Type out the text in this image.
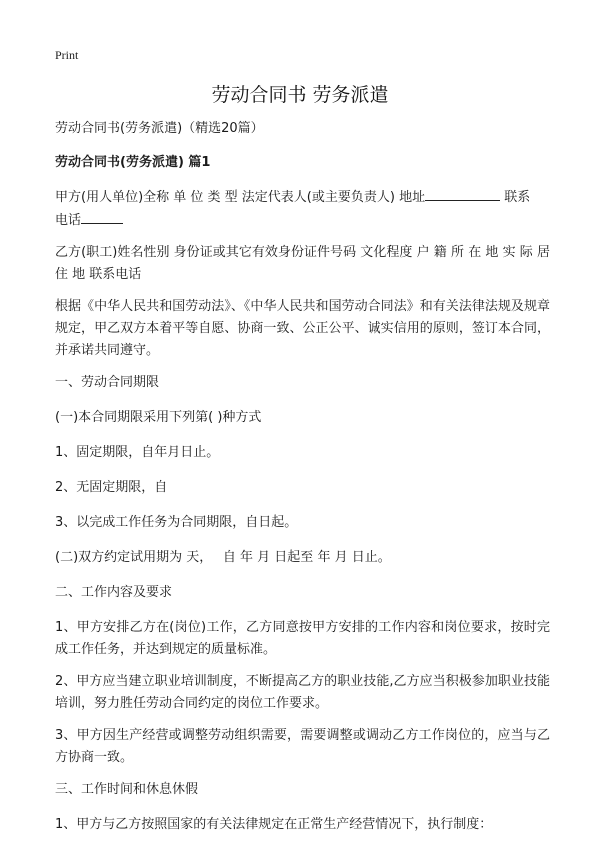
Print
劳动合同书 劳务派遣

劳动合同书(劳务派遣)（精选20篇）

劳动合同书(劳务派遣) 篇1

甲方(用人单位)全称 单 位 类 型 法定代表人(或主要负责人) 地址	联系
电话

乙方(职工)姓名性别 身份证或其它有效身份证件号码 文化程度 户 籍 所 在 地 实 际 居 住 地 联系电话

根据《中华人民共和国劳动法》、《中华人民共和国劳动合同法》和有关法律法规及规章规定，甲乙双方本着平等自愿、协商一致、公正公平、诚实信用的原则，签订本合同，并承诺共同遵守。

一、劳动合同期限

(一)本合同期限采用下列第( )种方式

1、固定期限，自年月日止。

2、无固定期限，自

3、以完成工作任务为合同期限，自日起。

(二)双方约定试用期为 天，　 自 年 月 日起至 年 月 日止。

二、工作内容及要求

1、甲方安排乙方在(岗位)工作，乙方同意按甲方安排的工作内容和岗位要求，按时完成工作任务，并达到规定的质量标准。

2、甲方应当建立职业培训制度，不断提高乙方的职业技能,乙方应当积极参加职业技能培训，努力胜任劳动合同约定的岗位工作要求。

3、甲方因生产经营或调整劳动组织需要，需要调整或调动乙方工作岗位的，应当与乙方协商一致。

三、工作时间和休息休假

1、甲方与乙方按照国家的有关法律规定在正常生产经营情况下，执行制度：
